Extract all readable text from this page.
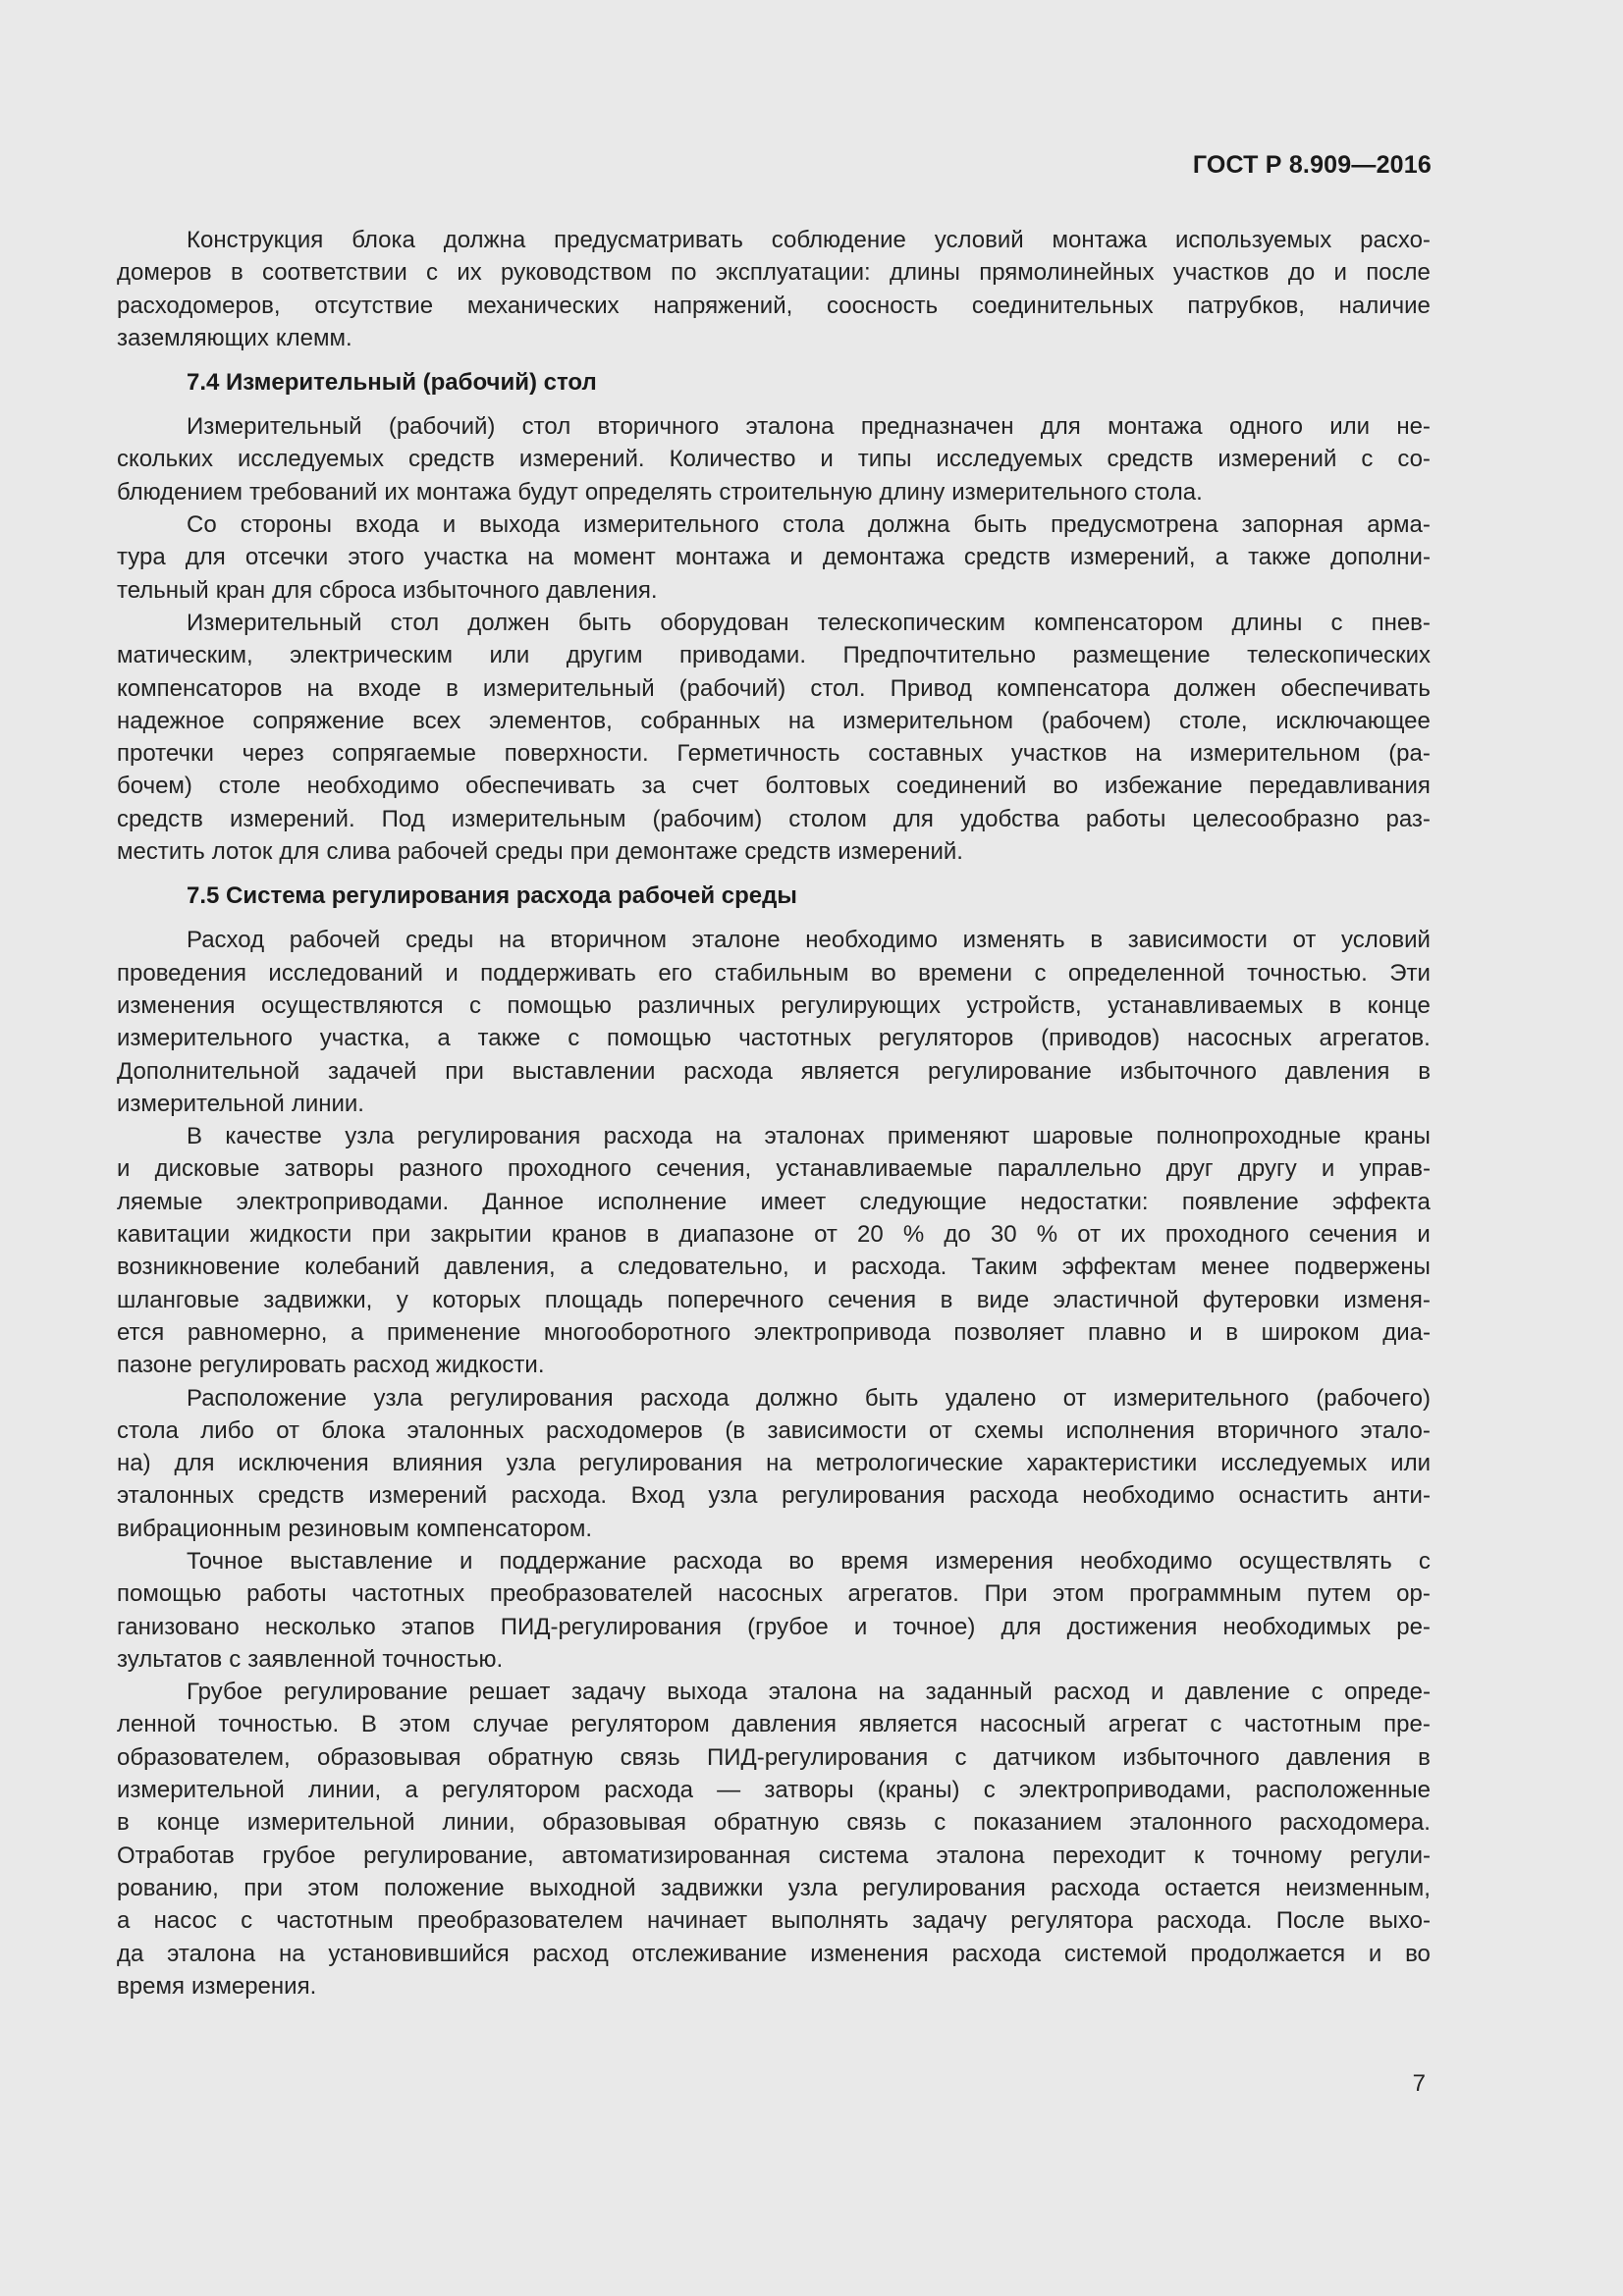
ГОСТ Р 8.909—2016
Конструкция блока должна предусматривать соблюдение условий монтажа используемых расхо-
домеров в соответствии с их руководством по эксплуатации: длины прямолинейных участков до и после
расходомеров, отсутствие механических напряжений, соосность соединительных патрубков, наличие
заземляющих клемм.
7.4 Измерительный (рабочий) стол
Измерительный (рабочий) стол вторичного эталона предназначен для монтажа одного или не-
скольких исследуемых средств измерений. Количество и типы исследуемых средств измерений с со-
блюдением требований их монтажа будут определять строительную длину измерительного стола.
Со стороны входа и выхода измерительного стола должна быть предусмотрена запорная арма-
тура для отсечки этого участка на момент монтажа и демонтажа средств измерений, а также дополни-
тельный кран для сброса избыточного давления.
Измерительный стол должен быть оборудован телескопическим компенсатором длины с пнев-
матическим, электрическим или другим приводами. Предпочтительно размещение телескопических
компенсаторов на входе в измерительный (рабочий) стол. Привод компенсатора должен обеспечивать
надежное сопряжение всех элементов, собранных на измерительном (рабочем) столе, исключающее
протечки через сопрягаемые поверхности. Герметичность составных участков на измерительном (ра-
бочем) столе необходимо обеспечивать за счет болтовых соединений во избежание передавливания
средств измерений. Под измерительным (рабочим) столом для удобства работы целесообразно раз-
местить лоток для слива рабочей среды при демонтаже средств измерений.
7.5 Система регулирования расхода рабочей среды
Расход рабочей среды на вторичном эталоне необходимо изменять в зависимости от условий
проведения исследований и поддерживать его стабильным во времени с определенной точностью. Эти
изменения осуществляются с помощью различных регулирующих устройств, устанавливаемых в конце
измерительного участка, а также с помощью частотных регуляторов (приводов) насосных агрегатов.
Дополнительной задачей при выставлении расхода является регулирование избыточного давления в
измерительной линии.
В качестве узла регулирования расхода на эталонах применяют шаровые полнопроходные краны
и дисковые затворы разного проходного сечения, устанавливаемые параллельно друг другу и управ-
ляемые электроприводами. Данное исполнение имеет следующие недостатки: появление эффекта
кавитации жидкости при закрытии кранов в диапазоне от 20 % до 30 % от их проходного сечения и
возникновение колебаний давления, а следовательно, и расхода. Таким эффектам менее подвержены
шланговые задвижки, у которых площадь поперечного сечения в виде эластичной футеровки изменя-
ется равномерно, а применение многооборотного электропривода позволяет плавно и в широком диа-
пазоне регулировать расход жидкости.
Расположение узла регулирования расхода должно быть удалено от измерительного (рабочего)
стола либо от блока эталонных расходомеров (в зависимости от схемы исполнения вторичного этало-
на) для исключения влияния узла регулирования на метрологические характеристики исследуемых или
эталонных средств измерений расхода. Вход узла регулирования расхода необходимо оснастить анти-
вибрационным резиновым компенсатором.
Точное выставление и поддержание расхода во время измерения необходимо осуществлять с
помощью работы частотных преобразователей насосных агрегатов. При этом программным путем ор-
ганизовано несколько этапов ПИД-регулирования (грубое и точное) для достижения необходимых ре-
зультатов с заявленной точностью.
Грубое регулирование решает задачу выхода эталона на заданный расход и давление с опреде-
ленной точностью. В этом случае регулятором давления является насосный агрегат с частотным пре-
образователем, образовывая обратную связь ПИД-регулирования с датчиком избыточного давления в
измерительной линии, а регулятором расхода — затворы (краны) с электроприводами, расположенные
в конце измерительной линии, образовывая обратную связь с показанием эталонного расходомера.
Отработав грубое регулирование, автоматизированная система эталона переходит к точному регули-
рованию, при этом положение выходной задвижки узла регулирования расхода остается неизменным,
а насос с частотным преобразователем начинает выполнять задачу регулятора расхода. После выхо-
да эталона на установившийся расход отслеживание изменения расхода системой продолжается и во
время измерения.
7
